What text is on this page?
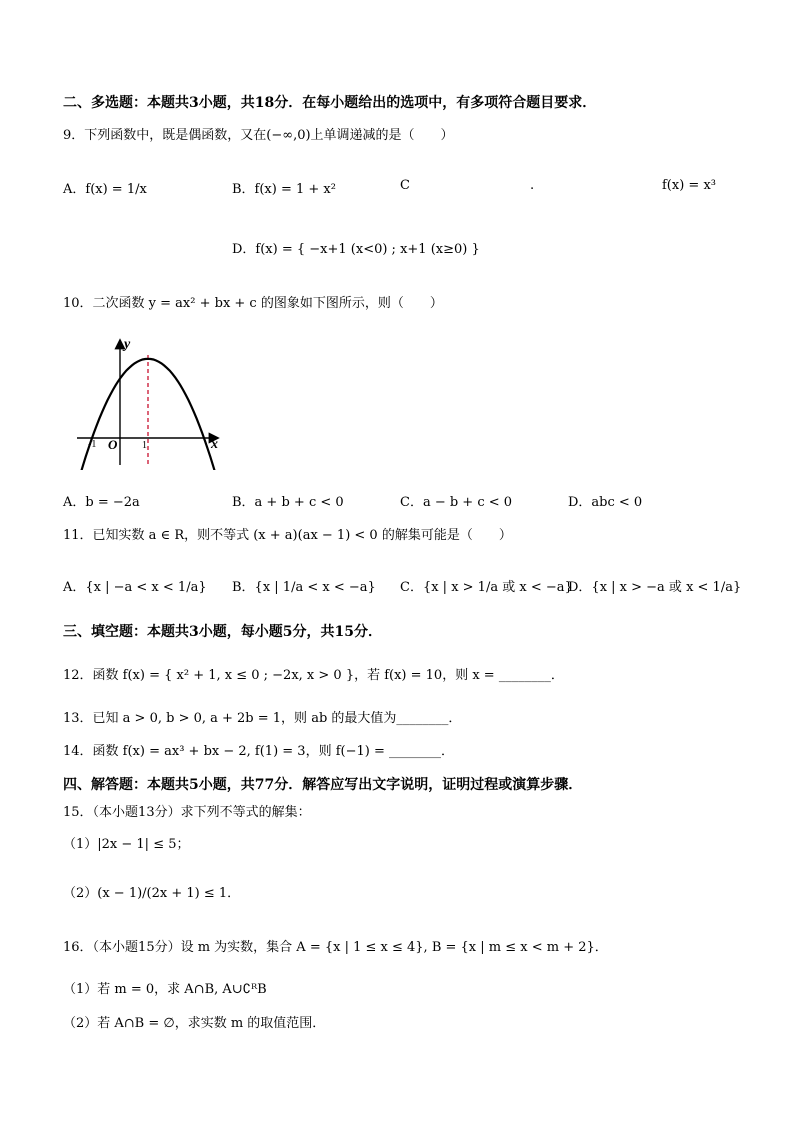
二、多选题：本题共3小题，共18分．在每小题给出的选项中，有多项符合题目要求．
9．下列函数中，既是偶函数，又在(−∞,0)上单调递减的是（　　）
A．f(x) = 1/x	B．f(x) = 1 + x²	C	.	f(x) = x³
D．f(x) = { −x+1 (x<0) ; x+1 (x≥0) }
10．二次函数 y = ax² + bx + c 的图象如下图所示，则（　　）
y
x
O
-1	1
A．b = −2a	B．a + b + c < 0	C．a − b + c < 0	D．abc < 0
11．已知实数 a ∈ R，则不等式 (x + a)(ax − 1) < 0 的解集可能是（　　）
A．{x | −a < x < 1/a} B．{x | 1/a < x < −a} C．{x | x > 1/a 或 x < −a}
D．{x | x > −a 或 x < 1/a}
三、填空题：本题共3小题，每小题5分，共15分．
12．函数 f(x) = { x² + 1, x ≤ 0 ; −2x, x > 0 }，若 f(x) = 10，则 x = ________．
13．已知 a > 0, b > 0, a + 2b = 1，则 ab 的最大值为________．
14．函数 f(x) = ax³ + bx − 2, f(1) = 3，则 f(−1) = ________．
四、解答题：本题共5小题，共77分．解答应写出文字说明，证明过程或演算步骤．
15．（本小题13分）求下列不等式的解集：
（1）|2x − 1| ≤ 5；
（2）(x − 1)/(2x + 1) ≤ 1．
16．（本小题15分）设 m 为实数，集合 A = {x | 1 ≤ x ≤ 4}, B = {x | m ≤ x < m + 2}．
（1）若 m = 0，求 A∩B, A∪∁ᴿB
（2）若 A∩B = ∅，求实数 m 的取值范围．
